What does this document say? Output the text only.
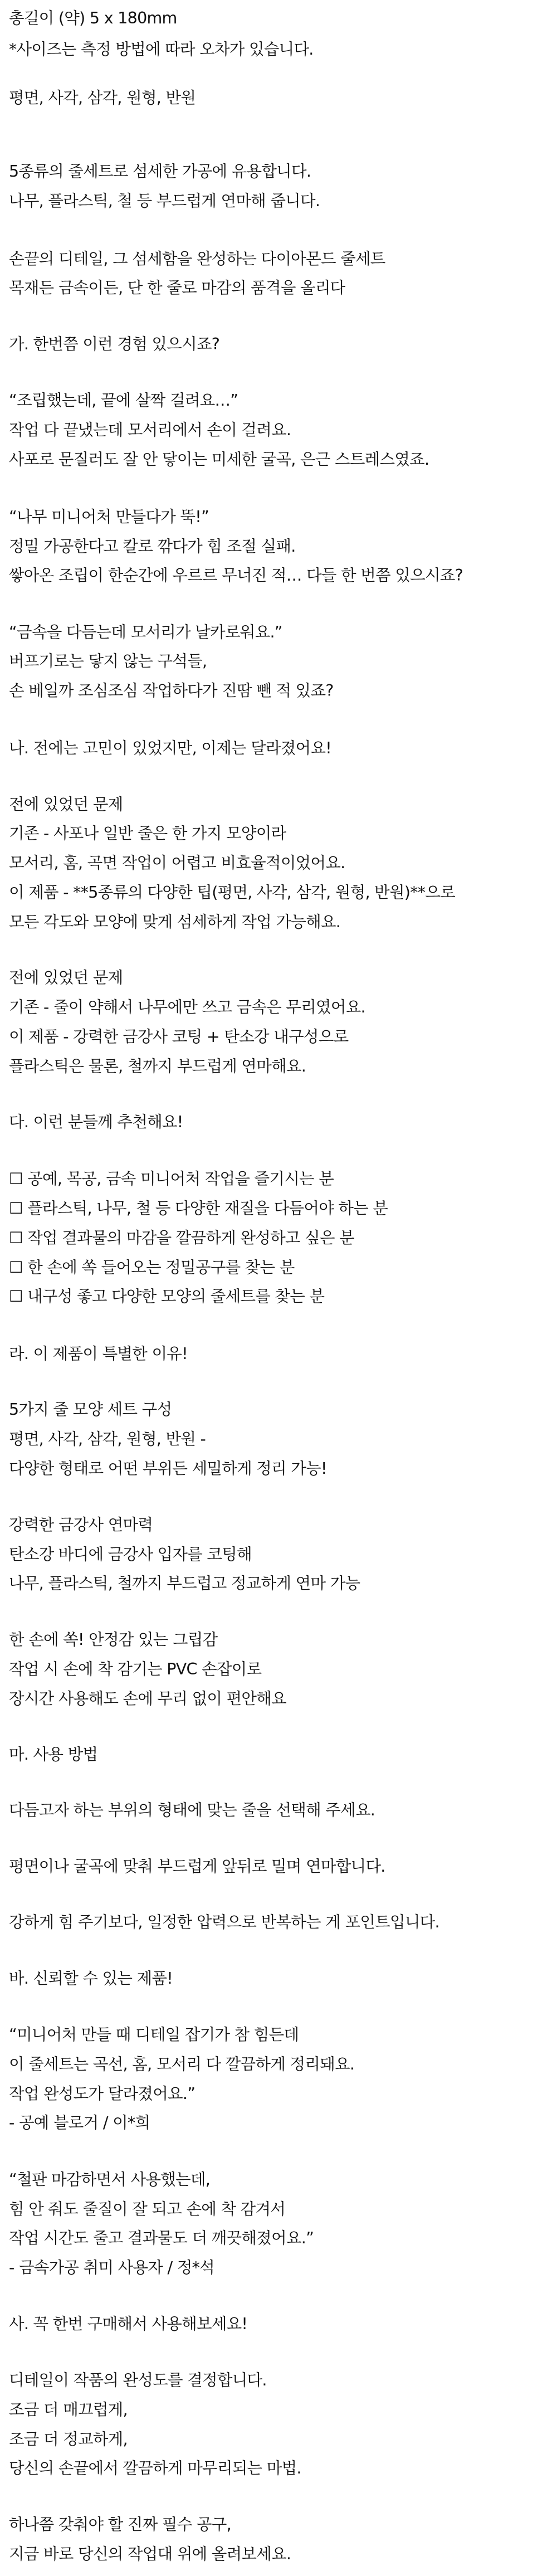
총길이 (약) 5 x 180mm
*사이즈는 측정 방법에 따라 오차가 있습니다.
평면, 사각, 삼각, 원형, 반원
5종류의 줄세트로 섬세한 가공에 유용합니다.
나무, 플라스틱, 철 등 부드럽게 연마해 줍니다.
손끝의 디테일, 그 섬세함을 완성하는 다이아몬드 줄세트
목재든 금속이든, 단 한 줄로 마감의 품격을 올리다
가. 한번쯤 이런 경험 있으시죠?
“조립했는데, 끝에 살짝 걸려요…”
작업 다 끝냈는데 모서리에서 손이 걸려요.
사포로 문질러도 잘 안 닿이는 미세한 굴곡, 은근 스트레스였죠.
“나무 미니어처 만들다가 뚝!”
정밀 가공한다고 칼로 깎다가 힘 조절 실패.
쌓아온 조립이 한순간에 우르르 무너진 적… 다들 한 번쯤 있으시죠?
“금속을 다듬는데 모서리가 날카로워요.”
버프기로는 닿지 않는 구석들,
손 베일까 조심조심 작업하다가 진땀 뺀 적 있죠?
나. 전에는 고민이 있었지만, 이제는 달라졌어요!
전에 있었던 문제
기존 - 사포나 일반 줄은 한 가지 모양이라
모서리, 홈, 곡면 작업이 어렵고 비효율적이었어요.
이 제품 - **5종류의 다양한 팁(평면, 사각, 삼각, 원형, 반원)**으로
모든 각도와 모양에 맞게 섬세하게 작업 가능해요.
전에 있었던 문제
기존 - 줄이 약해서 나무에만 쓰고 금속은 무리였어요.
이 제품 - 강력한 금강사 코팅 + 탄소강 내구성으로
플라스틱은 물론, 철까지 부드럽게 연마해요.
다. 이런 분들께 추천해요!
☐ 공예, 목공, 금속 미니어처 작업을 즐기시는 분
☐ 플라스틱, 나무, 철 등 다양한 재질을 다듬어야 하는 분
☐ 작업 결과물의 마감을 깔끔하게 완성하고 싶은 분
☐ 한 손에 쏙 들어오는 정밀공구를 찾는 분
☐ 내구성 좋고 다양한 모양의 줄세트를 찾는 분
라. 이 제품이 특별한 이유!
5가지 줄 모양 세트 구성
평면, 사각, 삼각, 원형, 반원 -
다양한 형태로 어떤 부위든 세밀하게 정리 가능!
강력한 금강사 연마력
탄소강 바디에 금강사 입자를 코팅해
나무, 플라스틱, 철까지 부드럽고 정교하게 연마 가능
한 손에 쏙! 안정감 있는 그립감
작업 시 손에 착 감기는 PVC 손잡이로
장시간 사용해도 손에 무리 없이 편안해요
마. 사용 방법
다듬고자 하는 부위의 형태에 맞는 줄을 선택해 주세요.
평면이나 굴곡에 맞춰 부드럽게 앞뒤로 밀며 연마합니다.
강하게 힘 주기보다, 일정한 압력으로 반복하는 게 포인트입니다.
바. 신뢰할 수 있는 제품!
“미니어처 만들 때 디테일 잡기가 참 힘든데
이 줄세트는 곡선, 홈, 모서리 다 깔끔하게 정리돼요.
작업 완성도가 달라졌어요.”
- 공예 블로거 / 이*희
“철판 마감하면서 사용했는데,
힘 안 줘도 줄질이 잘 되고 손에 착 감겨서
작업 시간도 줄고 결과물도 더 깨끗해졌어요.”
- 금속가공 취미 사용자 / 정*석
사. 꼭 한번 구매해서 사용해보세요!
디테일이 작품의 완성도를 결정합니다.
조금 더 매끄럽게,
조금 더 정교하게,
당신의 손끝에서 깔끔하게 마무리되는 마법.
하나쯤 갖춰야 할 진짜 필수 공구,
지금 바로 당신의 작업대 위에 올려보세요.
